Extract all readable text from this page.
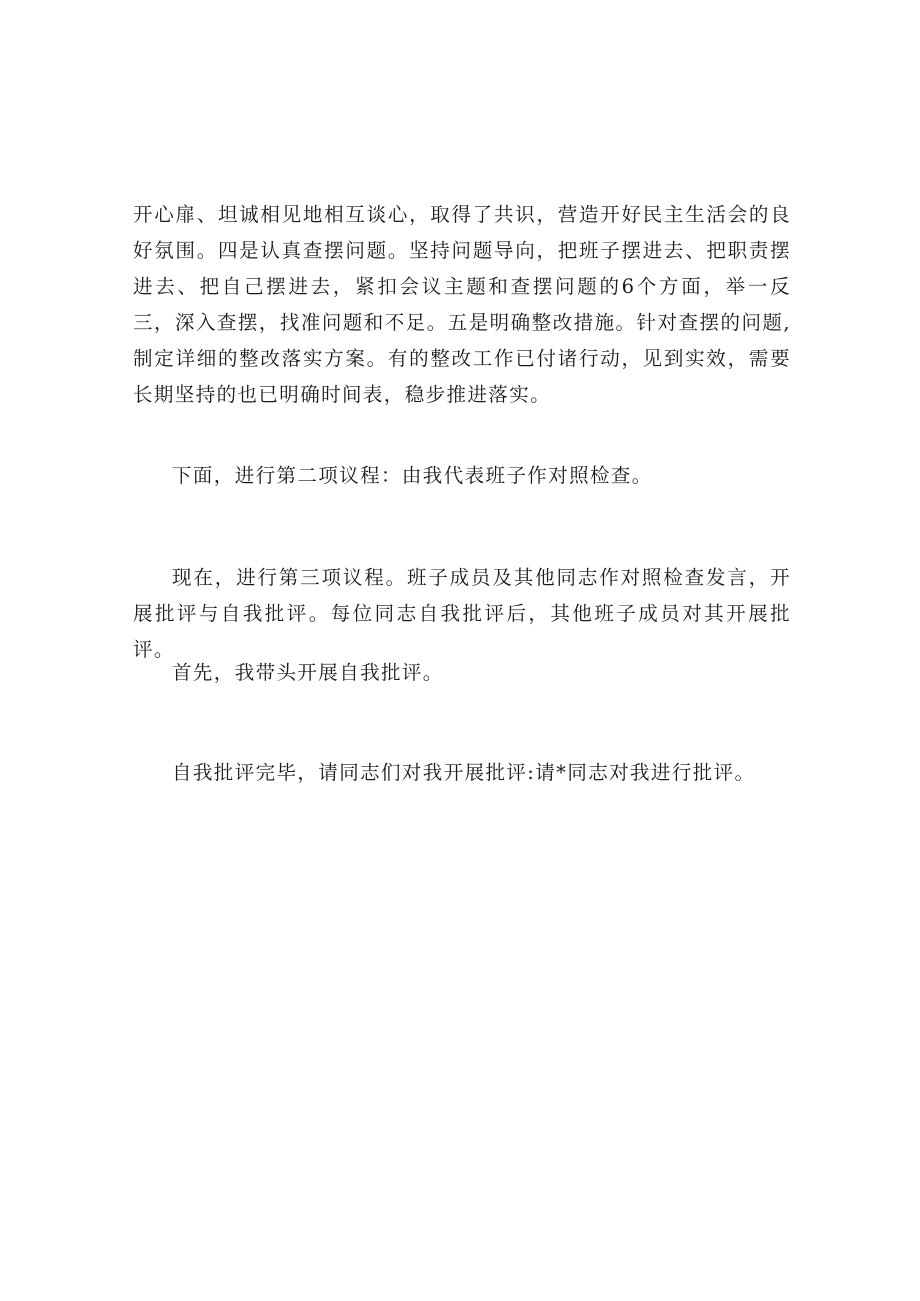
开心扉、坦诚相见地相互谈心，取得了共识，营造开好民主生活会的良好氛围。四是认真查摆问题。坚持问题导向，把班子摆进去、把职责摆进去、把自己摆进去，紧扣会议主题和查摆问题的6个方面，举一反三，深入查摆，找准问题和不足。五是明确整改措施。针对查摆的问题,制定详细的整改落实方案。有的整改工作已付诸行动，见到实效，需要长期坚持的也已明确时间表，稳步推进落实。

下面，进行第二项议程：由我代表班子作对照检查。

现在，进行第三项议程。班子成员及其他同志作对照检查发言，开展批评与自我批评。每位同志自我批评后，其他班子成员对其开展批评。

首先，我带头开展自我批评。

自我批评完毕，请同志们对我开展批评:请*同志对我进行批评。
